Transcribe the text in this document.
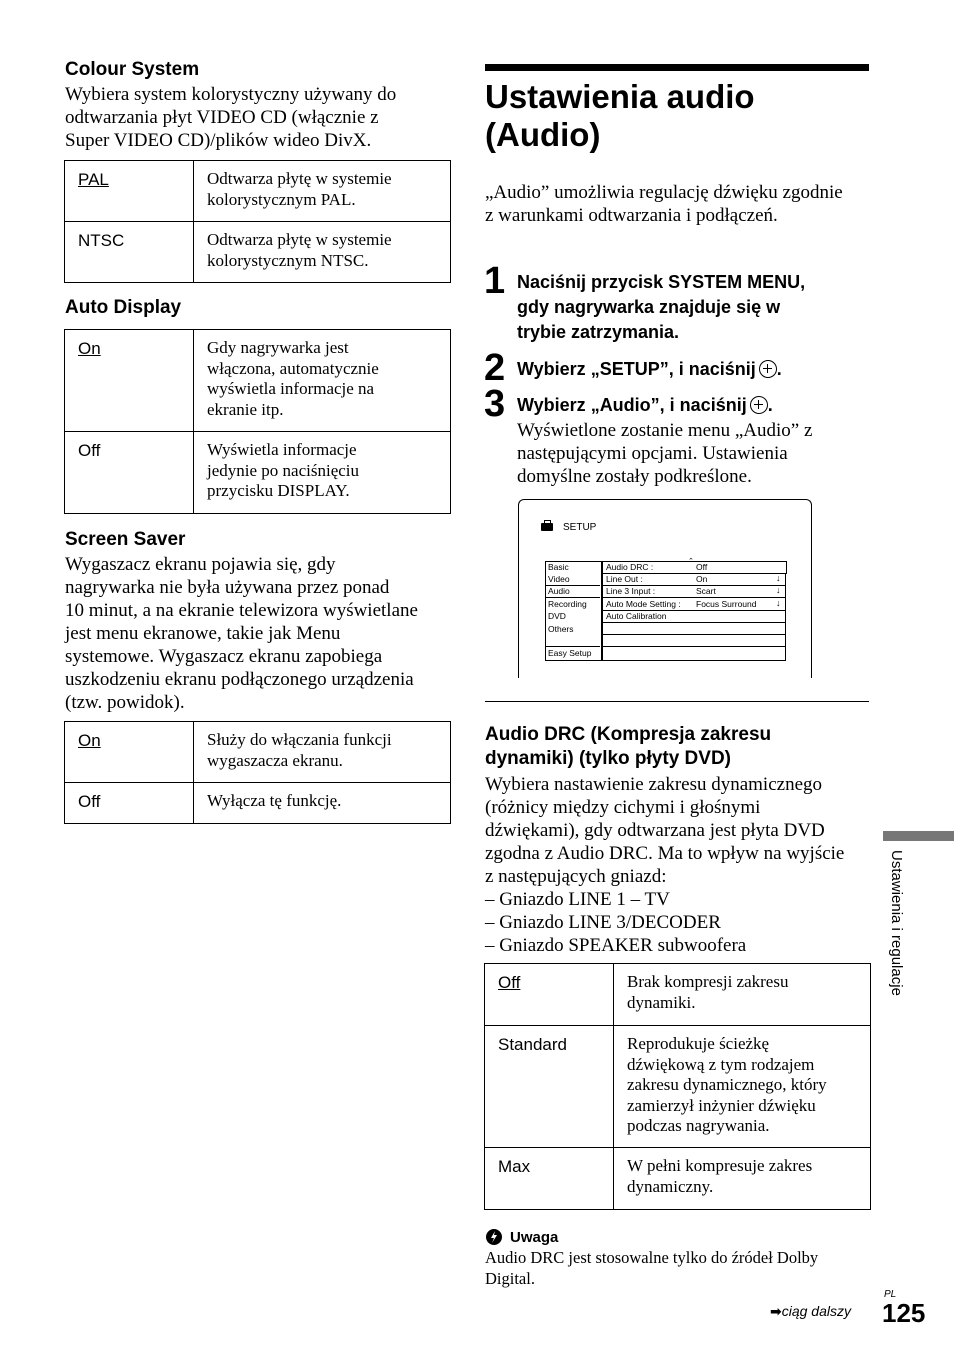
Colour System

Wybiera system kolorystyczny używany do

odtwarzania płyt VIDEO CD (włącznie z

Super VIDEO CD)/plików wideo DivX.

PAL	Odtwarza płytę w systemie
kolorystycznym PAL.

NTSC	Odtwarza płytę w systemie
kolorystycznym NTSC.
Auto Display
On	Gdy nagrywarka jest
włączona, automatycznie
wyświetla informacje na
ekranie itp.

Off	Wyświetla informacje
jedynie po naciśnięciu
przycisku DISPLAY.
Screen Saver

Wygaszacz ekranu pojawia się, gdy

nagrywarka nie była używana przez ponad

10 minut, a na ekranie telewizora wyświetlane

jest menu ekranowe, takie jak Menu

systemowe. Wygaszacz ekranu zapobiega

uszkodzeniu ekranu podłączonego urządzenia

(tzw. powidok).

On	Służy do włączania funkcji
wygaszacza ekranu.

Off	Wyłącza tę funkcję.
Ustawienia audio
(Audio)

„Audio” umożliwia regulację dźwięku zgodnie

z warunkami odtwarzania i podłączeń.

1 Naciśnij przycisk SYSTEM MENU,
gdy nagrywarka znajduje się w
trybie zatrzymania.
2 Wybierz „SETUP”, i naciśnij .
3 Wybierz „Audio”, i naciśnij .

Wyświetlone zostanie menu „Audio” z

następującymi opcjami. Ustawienia

domyślne zostały podkreślone.

SETUP
Basic
Video
Audio
Recording
DVD
Others
Easy Setup
Audio DRC :	Off
⌃
Line Out :	On	↓
Line 3 Input :	Scart	↓
Auto Mode Setting : Focus Surround ↓
Auto Calibration
Audio DRC (Kompresja zakresu
dynamiki) (tylko płyty DVD)

Wybiera nastawienie zakresu dynamicznego

(różnicy między cichymi i głośnymi

dźwiękami), gdy odtwarzana jest płyta DVD

zgodna z Audio DRC. Ma to wpływ na wyjście

z następujących gniazd:

– Gniazdo LINE 1 – TV

– Gniazdo LINE 3/DECODER

– Gniazdo SPEAKER subwoofera

Off	Brak kompresji zakresu
dynamiki.

Standard	Reprodukuje ścieżkę
dźwiękową z tym rodzajem
zakresu dynamicznego, który
zamierzył inżynier dźwięku
podczas nagrywania.

Max	W pełni kompresuje zakres
dynamiczny.
Uwaga
Audio DRC jest stosowalne tylko do źródeł Dolby
Digital.
Ustawienia i regulacje
➡ciąg dalszy
PL
125
